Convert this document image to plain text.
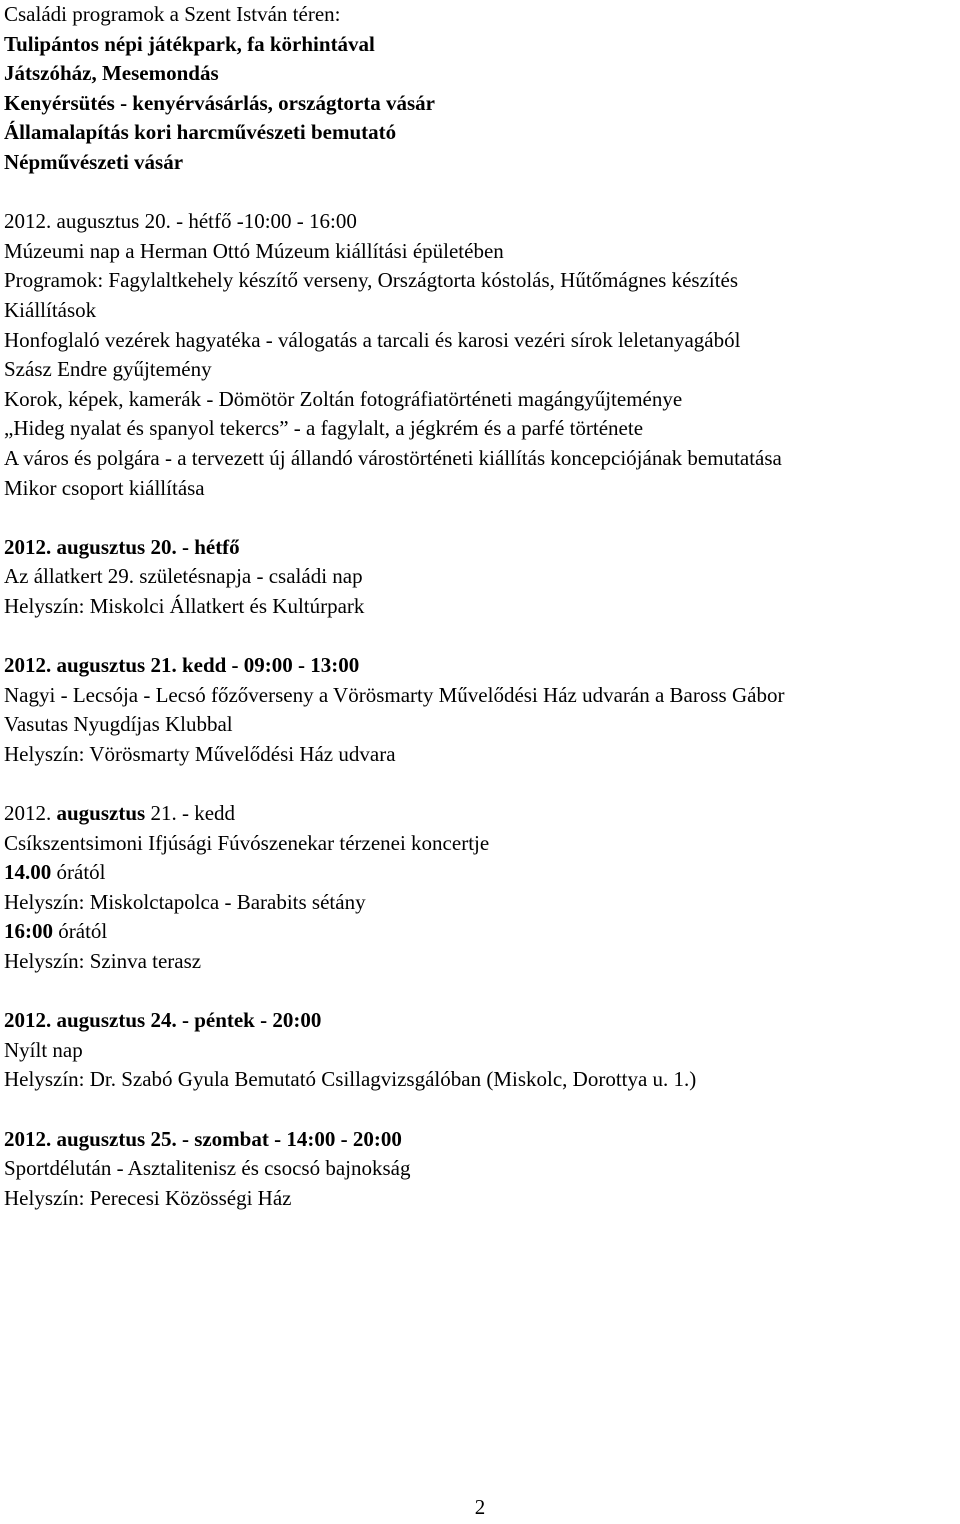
Családi programok a Szent István téren:
Tulipántos népi játékpark, fa körhintával
Játszóház, Mesemondás
Kenyérsütés - kenyérvásárlás, országtorta vásár
Államalapítás kori harcművészeti bemutató
Népművészeti vásár
2012. augusztus 20. - hétfő -10:00 - 16:00
Múzeumi nap a Herman Ottó Múzeum kiállítási épületében
Programok: Fagylaltkehely készítő verseny, Országtorta kóstolás, Hűtőmágnes készítés
Kiállítások
Honfoglaló vezérek hagyatéka - válogatás a tarcali és karosi vezéri sírok leletanyagából
Szász Endre gyűjtemény
Korok, képek, kamerák - Dömötör Zoltán fotográfiatörténeti magángyűjteménye
„Hideg nyalat és spanyol tekercs” - a fagylalt, a jégkrém és a parfé története
A város és polgára - a tervezett új állandó várostörténeti kiállítás koncepciójának bemutatása
Mikor csoport kiállítása
2012. augusztus 20. - hétfő
Az állatkert 29. születésnapja - családi nap
Helyszín: Miskolci Állatkert és Kultúrpark
2012. augusztus 21. kedd - 09:00 - 13:00
Nagyi - Lecsója - Lecsó főzőverseny a Vörösmarty Művelődési Ház udvarán a Baross Gábor
Vasutas Nyugdíjas Klubbal
Helyszín: Vörösmarty Művelődési Ház udvara
2012. augusztus 21. - kedd
Csíkszentsimoni Ifjúsági Fúvószenekar térzenei koncertje
14.00 órától
Helyszín: Miskolctapolca - Barabits sétány
16:00 órától
Helyszín: Szinva terasz
2012. augusztus 24. - péntek - 20:00
Nyílt nap
Helyszín: Dr. Szabó Gyula Bemutató Csillagvizsgálóban (Miskolc, Dorottya u. 1.)
2012. augusztus 25. - szombat - 14:00 - 20:00
Sportdélután - Asztalitenisz és csocsó bajnokság
Helyszín: Perecesi Közösségi Ház
2
